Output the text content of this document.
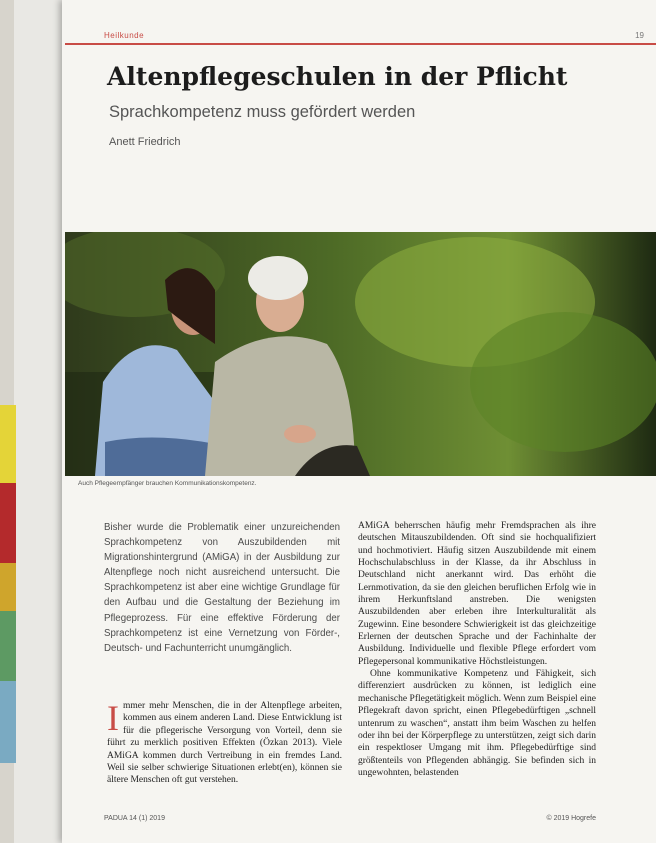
Heilkunde	19
Altenpflegeschulen in der Pflicht
Sprachkompetenz muss gefördert werden
Anett Friedrich
Auch Pflegeempfänger brauchen Kommunikationskompetenz.
Bisher wurde die Problematik einer unzureichenden Sprachkompetenz von Auszubildenden mit Migrationshintergrund (AMiGA) in der Ausbildung zur Altenpflege noch nicht ausreichend untersucht. Die Sprachkompetenz ist aber eine wichtige Grundlage für den Aufbau und die Gestaltung der Beziehung im Pflegeprozess. Für eine effektive Förderung der Sprachkompetenz ist eine Vernetzung von Förder-, Deutsch- und Fachunterricht unumgänglich.
Immer mehr Menschen, die in der Altenpflege arbeiten, kommen aus einem anderen Land. Diese Entwicklung ist für die pflegerische Versorgung von Vorteil, denn sie führt zu merklich positiven Effekten (Özkan 2013). Viele AMiGA kommen durch Vertreibung in ein fremdes Land. Weil sie selber schwierige Situationen erlebt(en), können sie ältere Menschen oft gut verstehen.

AMiGA beherrschen häufig mehr Fremdsprachen als ihre deutschen Mitauszubildenden. Oft sind sie hochqualifiziert und hochmotiviert. Häufig sitzen Auszubildende mit einem Hochschulabschluss in der Klasse, da ihr Abschluss in Deutschland nicht anerkannt wird. Das erhöht die Lernmotivation, da sie den gleichen beruflichen Erfolg wie in ihrem Herkunftsland anstreben. Die wenigsten Auszubildenden aber erleben ihre Interkulturalität als Zugewinn. Eine besondere Schwierigkeit ist das gleichzeitige Erlernen der deutschen Sprache und der Fachinhalte der Ausbildung. Individuelle und flexible Pflege erfordert vom Pflegepersonal kommunikative Höchstleistungen.

Ohne kommunikative Kompetenz und Fähigkeit, sich differenziert ausdrücken zu können, ist lediglich eine mechanische Pflegetätigkeit möglich. Wenn zum Beispiel eine Pflegekraft davon spricht, einen Pflegebedürftigen „schnell untenrum zu waschen“, anstatt ihm beim Waschen zu helfen oder ihn bei der Körperpflege zu unterstützen, zeigt sich darin ein respektloser Umgang mit ihm. Pflegebedürftige sind größtenteils von Pflegenden abhängig. Sie befinden sich in ungewohnten, belastenden

PADUA 14 (1) 2019	© 2019 Hogrefe
